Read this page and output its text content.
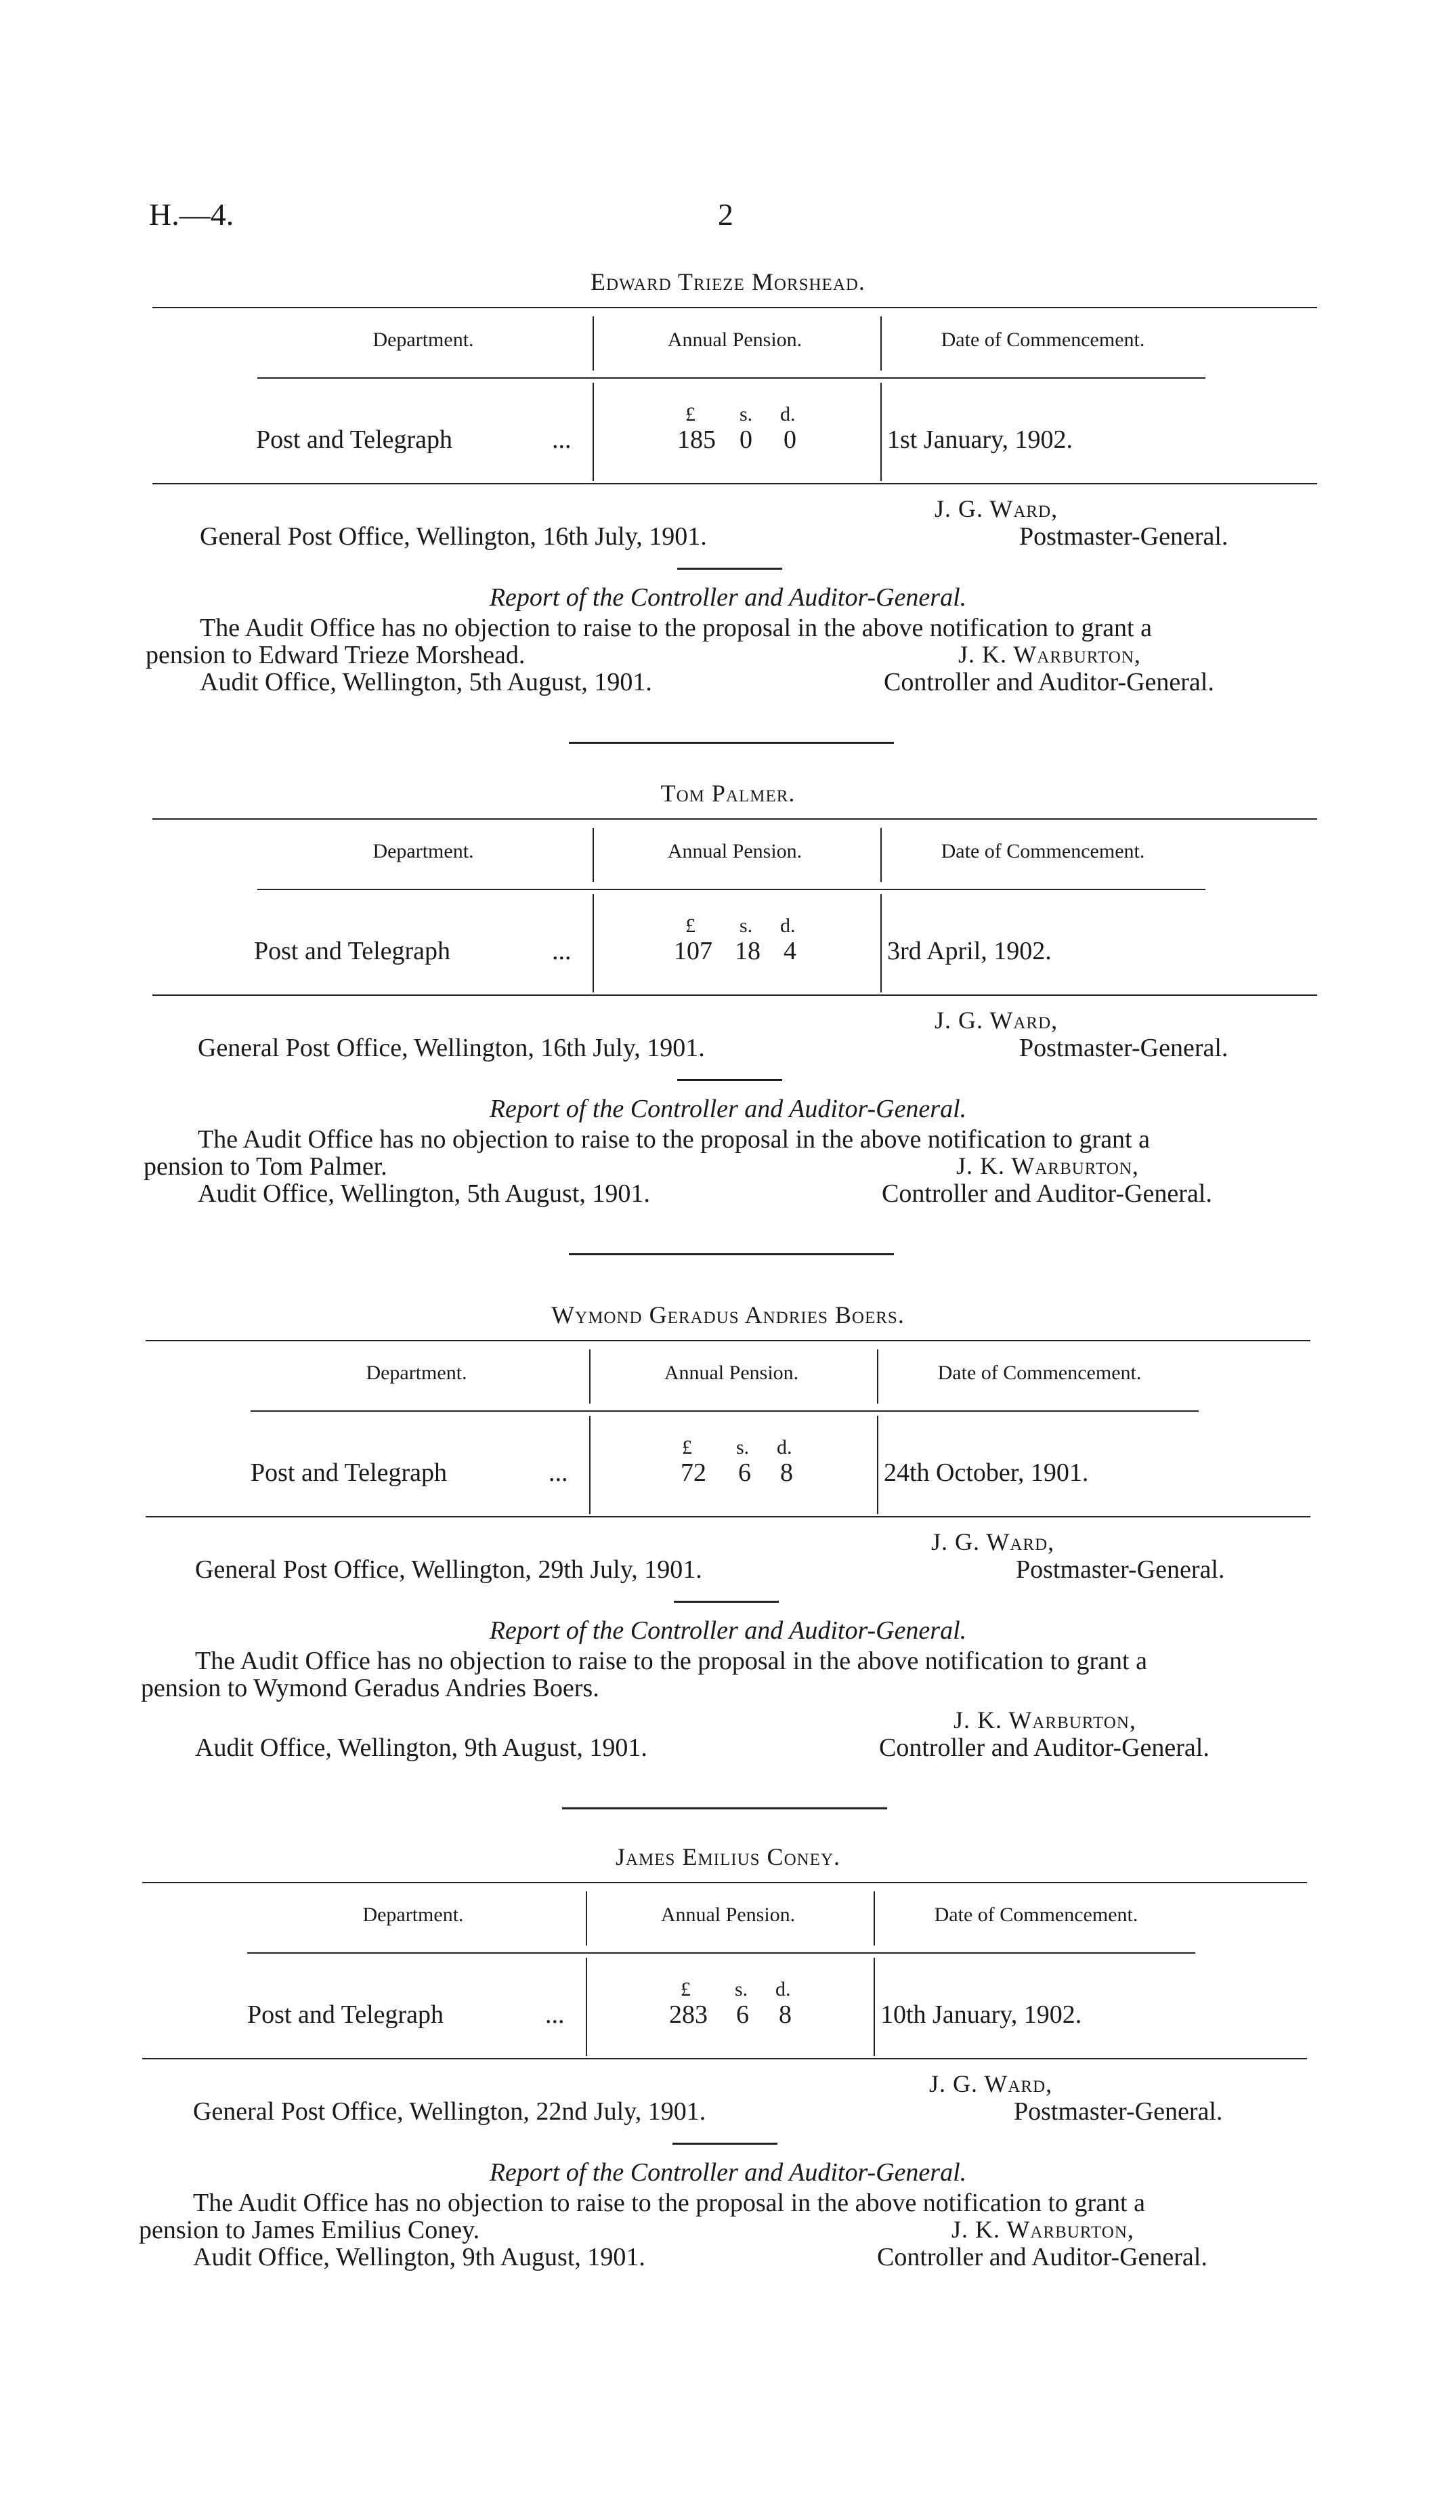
H.—4.	2
Edward Trieze Morshead.
Department.	Annual Pension.	Date of Commencement.
£ s. d.
Post and Telegraph	...	185 0 0	1st January, 1902.
J. G. Ward,
General Post Office, Wellington, 16th July, 1901.	Postmaster-General.
Report of the Controller and Auditor-General.
The Audit Office has no objection to raise to the proposal in the above notification to grant a
pension to Edward Trieze Morshead.	J. K. Warburton,
Audit Office, Wellington, 5th August, 1901.	Controller and Auditor-General.
Tom Palmer.
Department.	Annual Pension.	Date of Commencement.
£ s. d.
Post and Telegraph	...	107 18 4	3rd April, 1902.
J. G. Ward,
General Post Office, Wellington, 16th July, 1901.	Postmaster-General.
Report of the Controller and Auditor-General.
The Audit Office has no objection to raise to the proposal in the above notification to grant a
pension to Tom Palmer.	J. K. Warburton,
Audit Office, Wellington, 5th August, 1901.	Controller and Auditor-General.
Wymond Geradus Andries Boers.
Department.	Annual Pension.	Date of Commencement.
£ s. d.
Post and Telegraph	...	72 6 8	24th October, 1901.
J. G. Ward,
General Post Office, Wellington, 29th July, 1901.	Postmaster-General.
Report of the Controller and Auditor-General.
The Audit Office has no objection to raise to the proposal in the above notification to grant a
pension to Wymond Geradus Andries Boers.
J. K. Warburton,
Audit Office, Wellington, 9th August, 1901.	Controller and Auditor-General.
James Emilius Coney.
Department.	Annual Pension.	Date of Commencement.
£ s. d.
Post and Telegraph	...	283 6 8	10th January, 1902.
J. G. Ward,
General Post Office, Wellington, 22nd July, 1901.	Postmaster-General.
Report of the Controller and Auditor-General.
The Audit Office has no objection to raise to the proposal in the above notification to grant a
pension to James Emilius Coney.	J. K. Warburton,
Audit Office, Wellington, 9th August, 1901.	Controller and Auditor-General.
